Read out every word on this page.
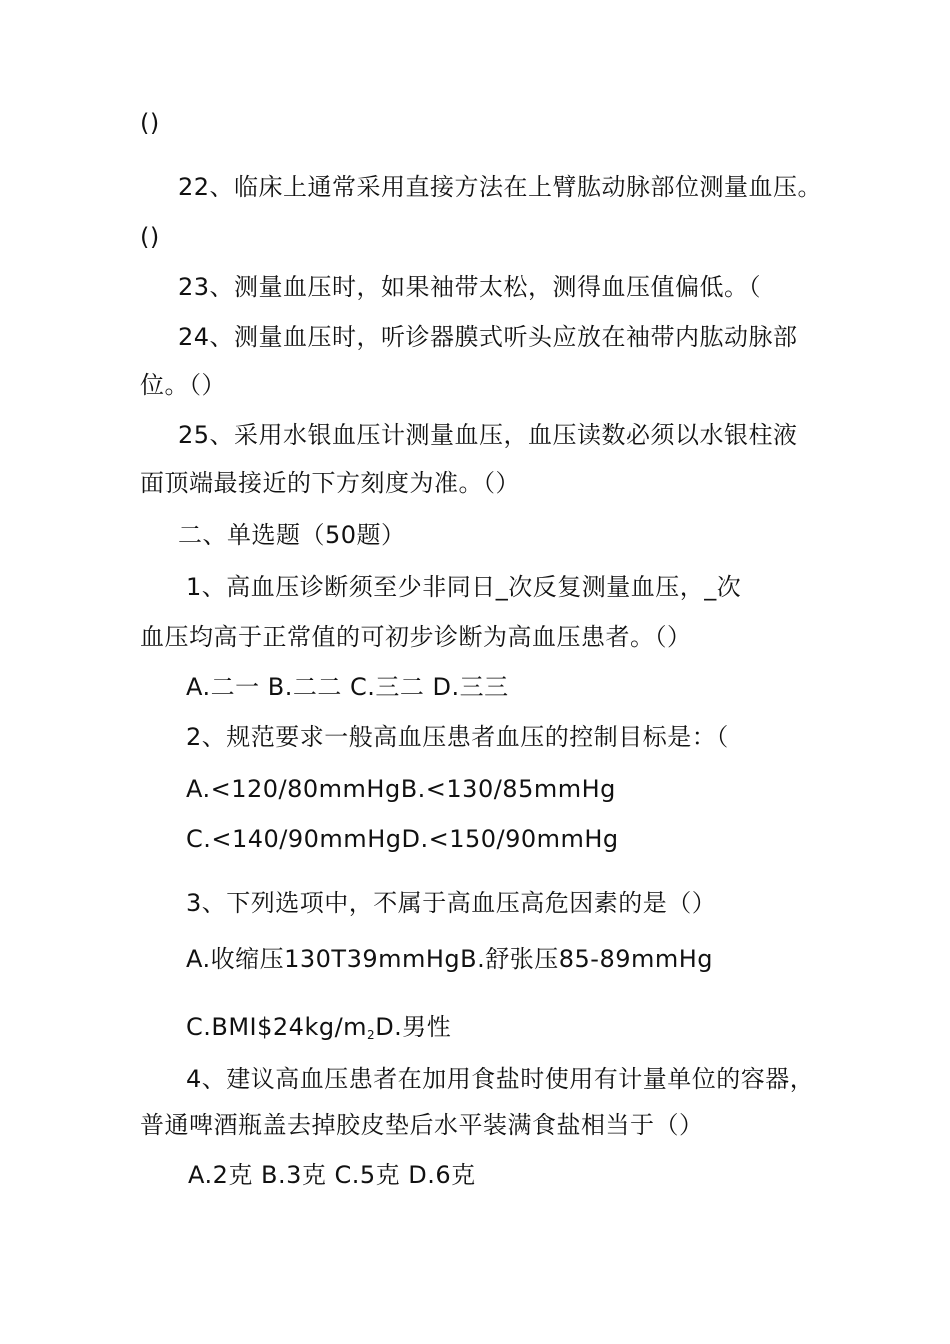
()
22、临床上通常采用直接方法在上臂肱动脉部位测量血压。
()
23、测量血压时，如果袖带太松，测得血压值偏低。（
24、测量血压时，听诊器膜式听头应放在袖带内肱动脉部
位。（）
25、采用水银血压计测量血压，血压读数必须以水银柱液
面顶端最接近的下方刻度为准。（）
二、单选题（50题）
1、高血压诊断须至少非同日_次反复测量血压，_次
血压均高于正常值的可初步诊断为高血压患者。（）
A.二一 B.二二 C.三二 D.三三
2、规范要求一般高血压患者血压的控制目标是：（
A.<120/80mmHgB.<130/85mmHg
C.<140/90mmHgD.<150/90mmHg
3、下列选项中，不属于高血压高危因素的是（）
A.收缩压130T39mmHgB.舒张压85-89mmHg
$C.BMI\$24kg/m_2D$.男性
4、建议高血压患者在加用食盐时使用有计量单位的容器，
普通啤酒瓶盖去掉胶皮垫后水平装满食盐相当于（）
A.2克 B.3克 C.5克 D.6克
